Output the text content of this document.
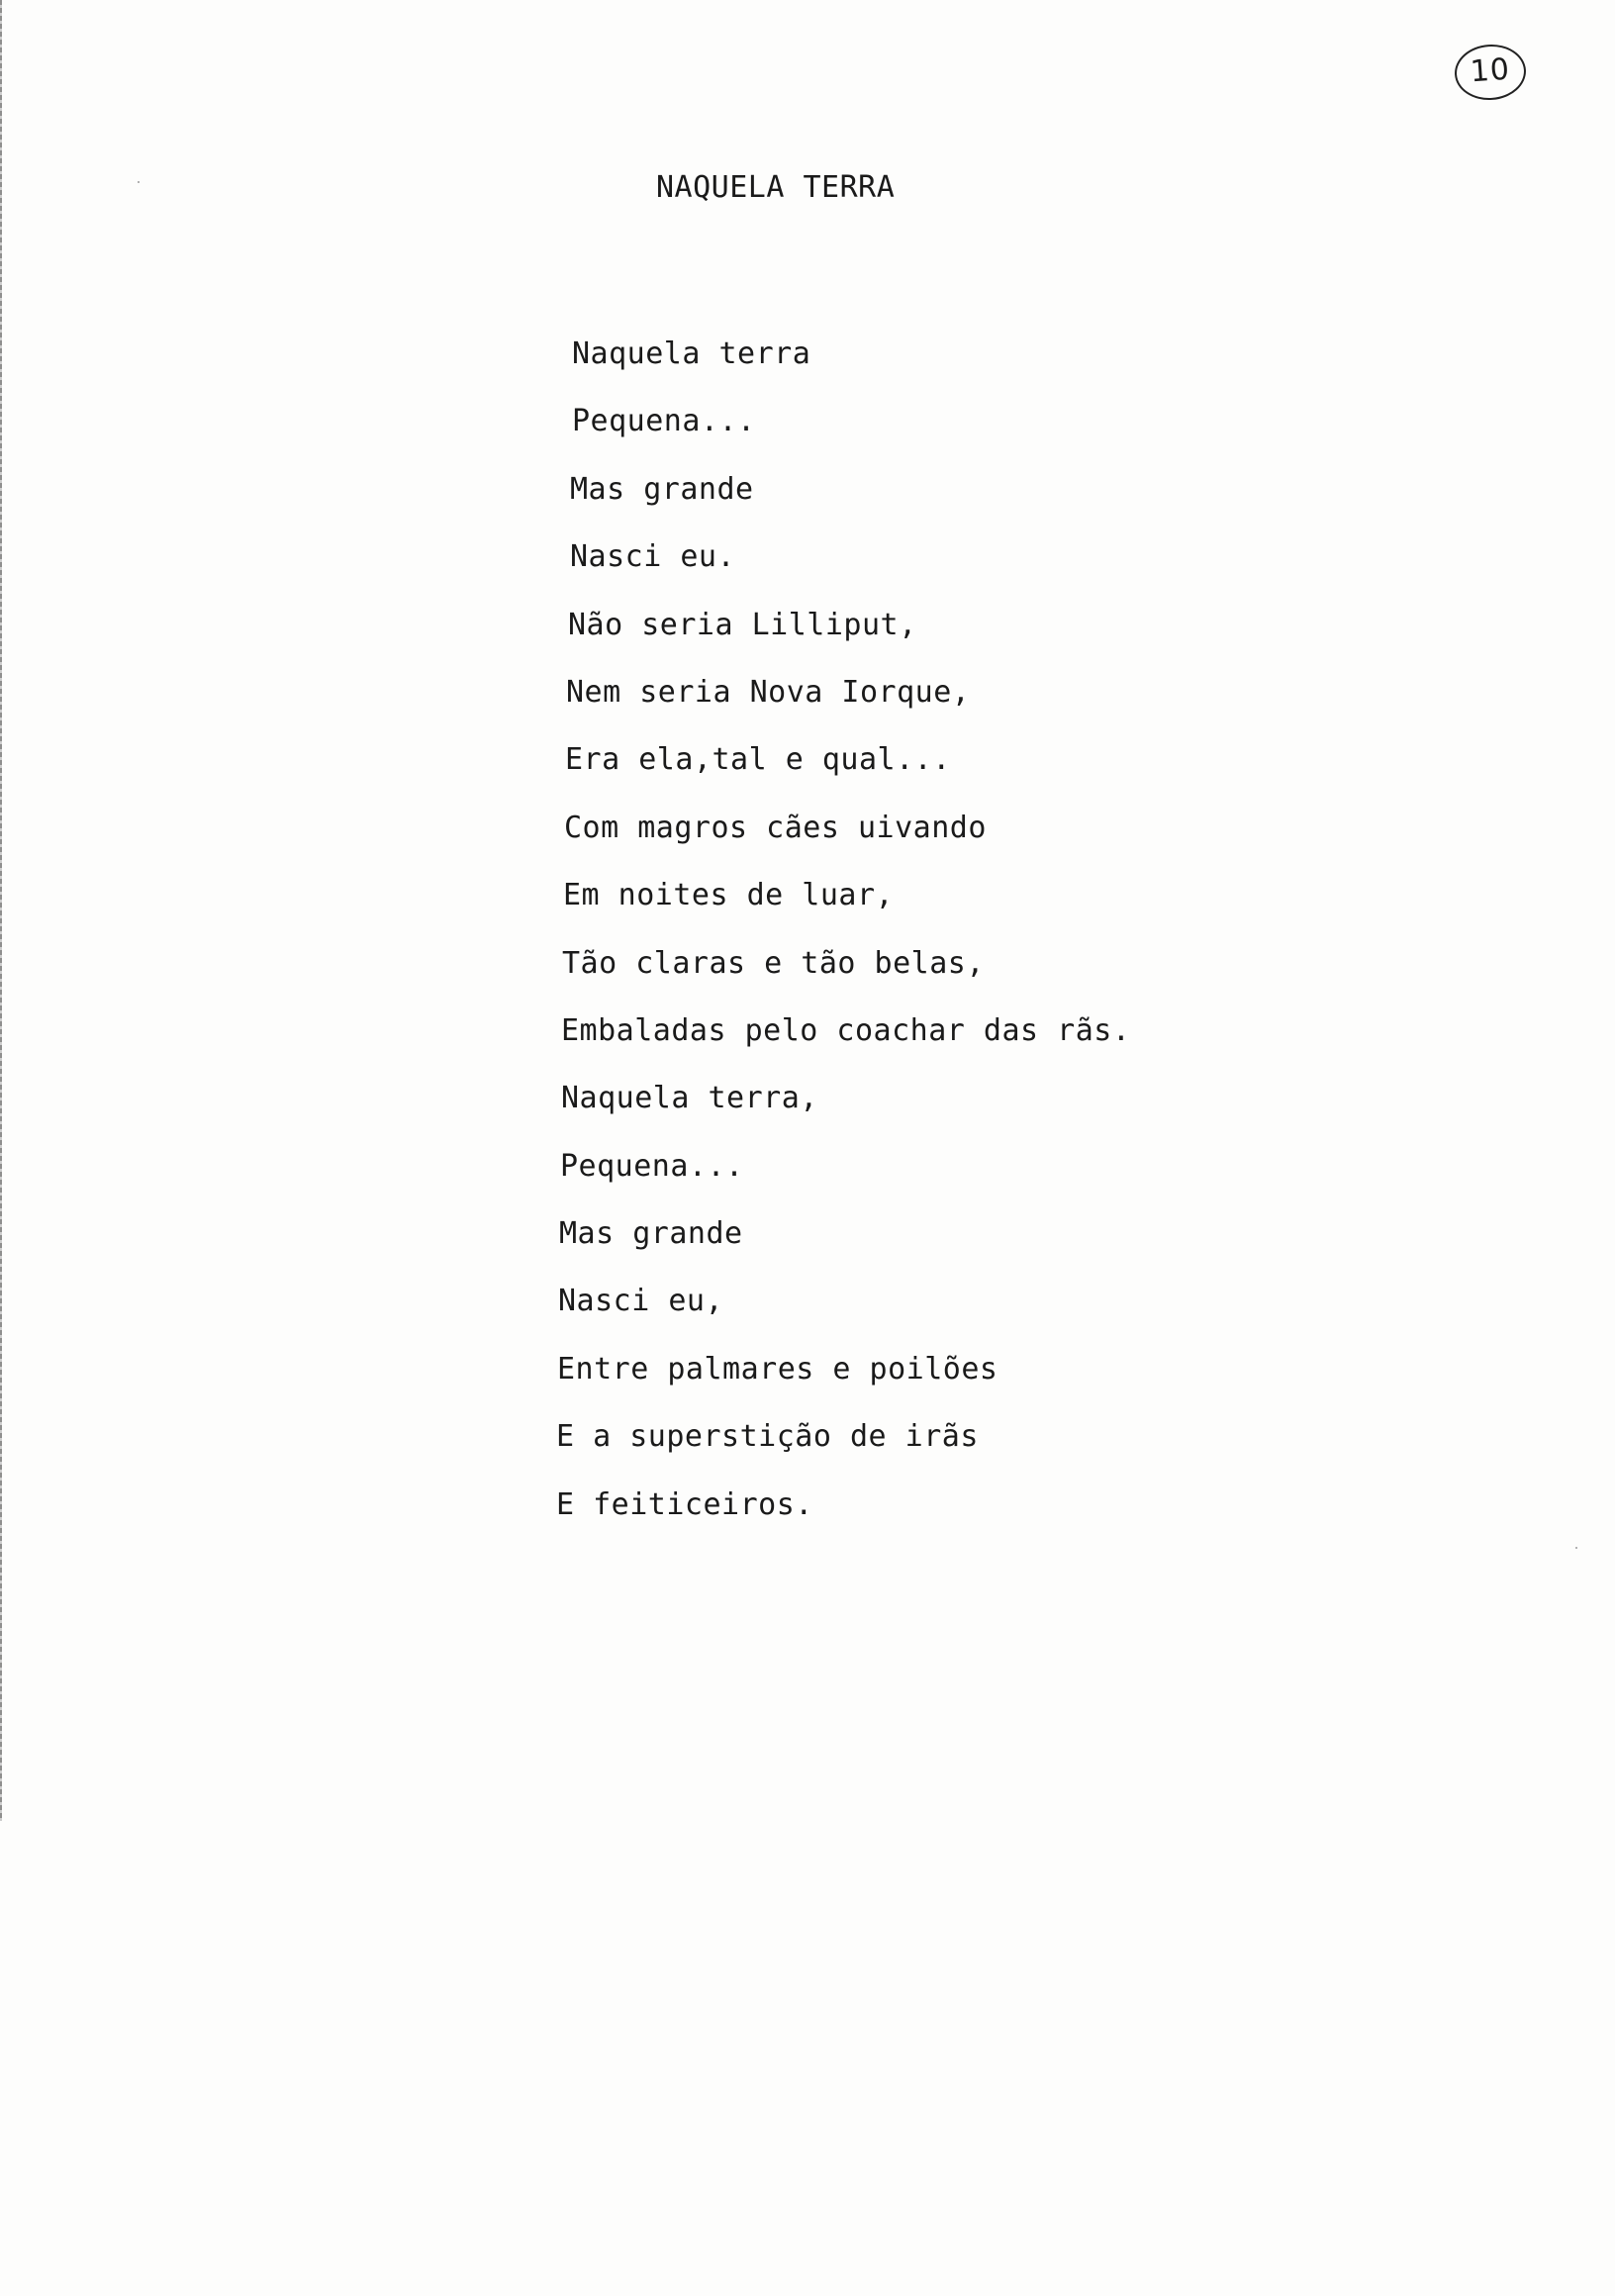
10
NAQUELA TERRA
Naquela terra
Pequena...
Mas grande
Nasci eu.
Não seria Lilliput,
Nem seria Nova Iorque,
Era ela,tal e qual...
Com magros cães uivando
Em noites de luar,
Tão claras e tão belas,
Embaladas pelo coachar das rãs.
Naquela terra,
Pequena...
Mas grande
Nasci eu,
Entre palmares e poilões
E a superstição de irãs
E feiticeiros.
